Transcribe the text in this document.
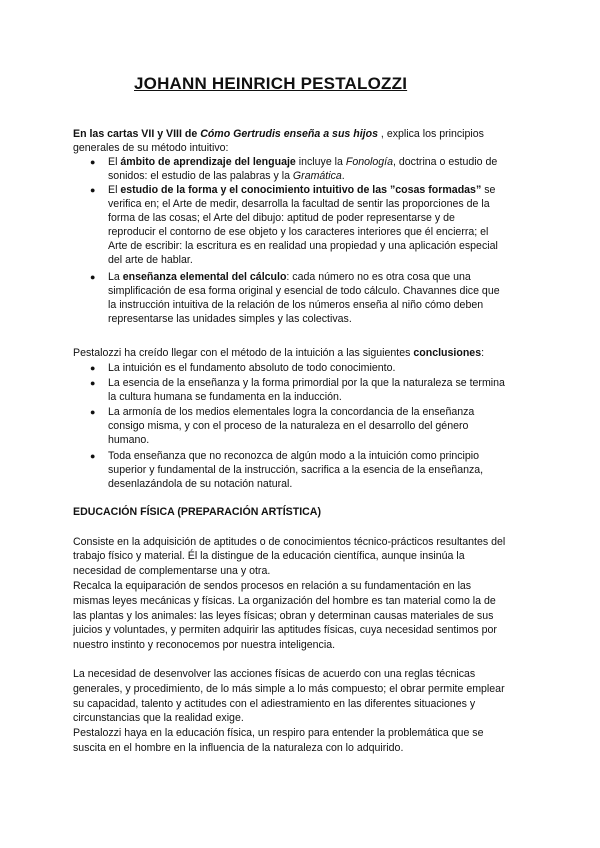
JOHANN HEINRICH PESTALOZZI
En las cartas VII y VIII de Cómo Gertrudis enseña a sus hijos , explica los principios
generales de su método intuitivo:
● El ámbito de aprendizaje del lenguaje incluye la Fonología, doctrina o estudio de
sonidos: el estudio de las palabras y la Gramática.
● El estudio de la forma y el conocimiento intuitivo de las ”cosas formadas” se
verifica en; el Arte de medir, desarrolla la facultad de sentir las proporciones de la
forma de las cosas; el Arte del dibujo: aptitud de poder representarse y de
reproducir el contorno de ese objeto y los caracteres interiores que él encierra; el
Arte de escribir: la escritura es en realidad una propiedad y una aplicación especial
del arte de hablar.
● La enseñanza elemental del cálculo: cada número no es otra cosa que una
simplificación de esa forma original y esencial de todo cálculo. Chavannes dice que
la instrucción intuitiva de la relación de los números enseña al niño cómo deben
representarse las unidades simples y las colectivas.
Pestalozzi ha creído llegar con el método de la intuición a las siguientes conclusiones:
● La intuición es el fundamento absoluto de todo conocimiento.
● La esencia de la enseñanza y la forma primordial por la que la naturaleza se termina
la cultura humana se fundamenta en la inducción.
● La armonía de los medios elementales logra la concordancia de la enseñanza
consigo misma, y con el proceso de la naturaleza en el desarrollo del género
humano.
● Toda enseñanza que no reconozca de algún modo a la intuición como principio
superior y fundamental de la instrucción, sacrifica a la esencia de la enseñanza,
desenlazándola de su notación natural.
EDUCACIÓN FÍSICA (PREPARACIÓN ARTÍSTICA)
Consiste en la adquisición de aptitudes o de conocimientos técnico-prácticos resultantes del
trabajo físico y material. Él la distingue de la educación científica, aunque insinúa la
necesidad de complementarse una y otra.
Recalca la equiparación de sendos procesos en relación a su fundamentación en las
mismas leyes mecánicas y físicas. La organización del hombre es tan material como la de
las plantas y los animales: las leyes físicas; obran y determinan causas materiales de sus
juicios y voluntades, y permiten adquirir las aptitudes físicas, cuya necesidad sentimos por
nuestro instinto y reconocemos por nuestra inteligencia.
La necesidad de desenvolver las acciones físicas de acuerdo con una reglas técnicas
generales, y procedimiento, de lo más simple a lo más compuesto; el obrar permite emplear
su capacidad, talento y actitudes con el adiestramiento en las diferentes situaciones y
circunstancias que la realidad exige.
Pestalozzi haya en la educación física, un respiro para entender la problemática que se
suscita en el hombre en la influencia de la naturaleza con lo adquirido.
